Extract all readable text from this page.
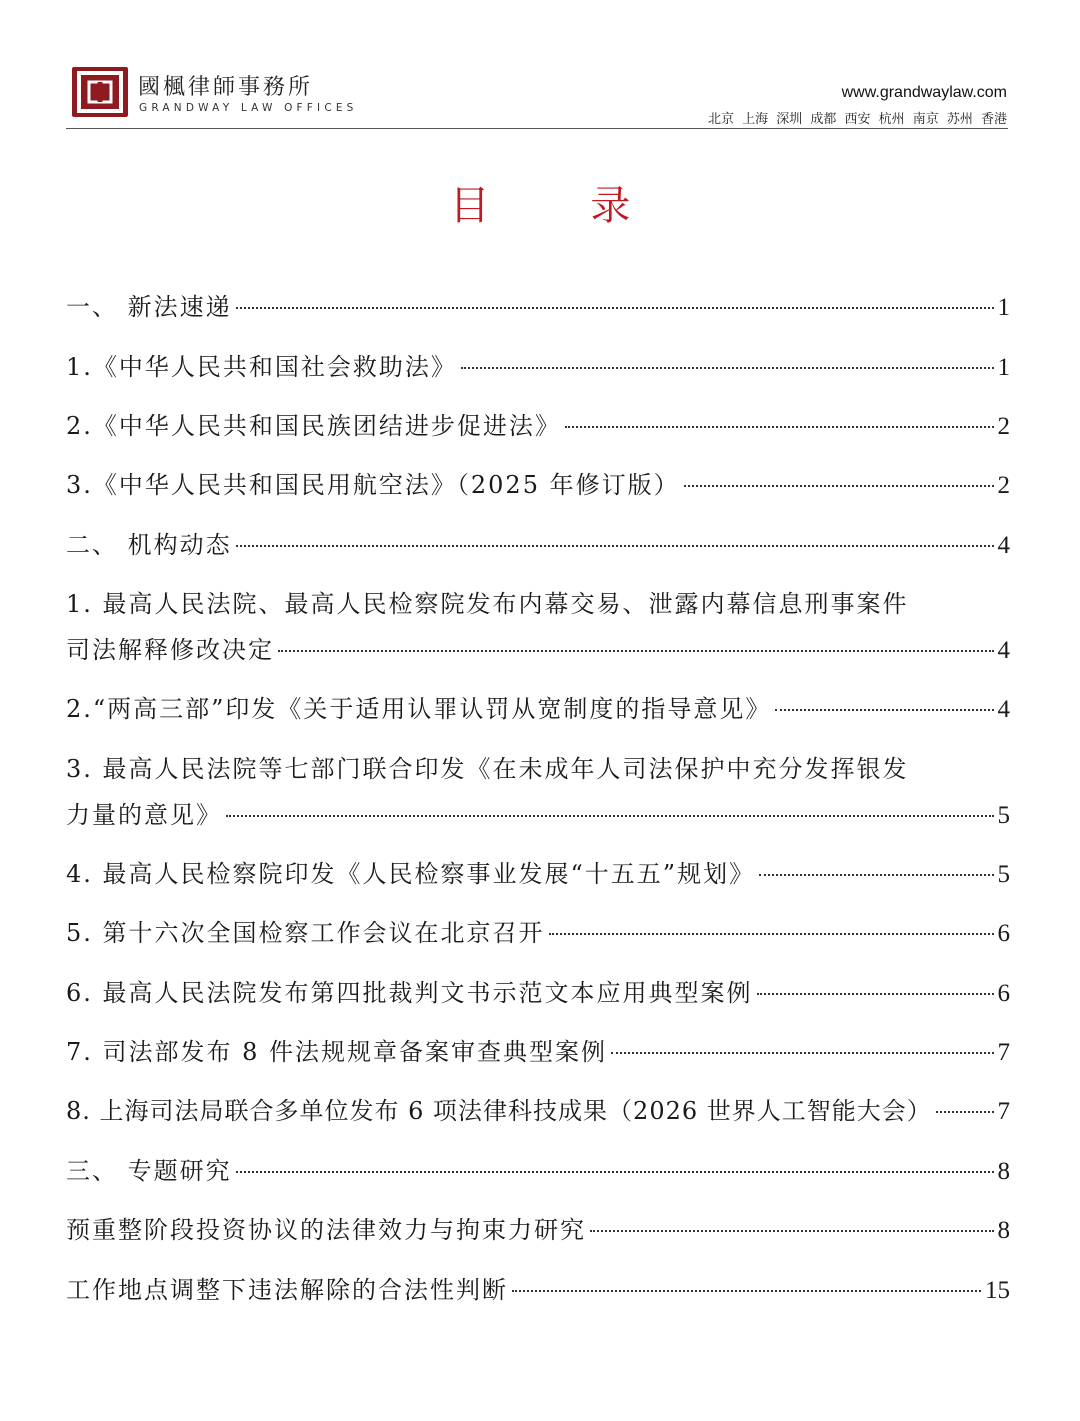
國楓律師事務所
GRANDWAY LAW OFFICES
www.grandwaylaw.com
北京 上海 深圳 成都 西安 杭州 南京 苏州 香港
目 录
一、 新法速递	1
1.《中华人民共和国社会救助法》	1
2.《中华人民共和国民族团结进步促进法》	2
3.《中华人民共和国民用航空法》（2025 年修订版）	2
二、 机构动态	4
1. 最高人民法院、最高人民检察院发布内幕交易、泄露内幕信息刑事案件
司法解释修改决定	4
2.“两高三部”印发《关于适用认罪认罚从宽制度的指导意见》	4
3. 最高人民法院等七部门联合印发《在未成年人司法保护中充分发挥银发
力量的意见》	5
4. 最高人民检察院印发《人民检察事业发展“十五五”规划》	5
5. 第十六次全国检察工作会议在北京召开	6
6. 最高人民法院发布第四批裁判文书示范文本应用典型案例	6
7. 司法部发布 8 件法规规章备案审查典型案例	7
8. 上海司法局联合多单位发布 6 项法律科技成果（2026 世界人工智能大会）	7
三、 专题研究	8
预重整阶段投资协议的法律效力与拘束力研究	8
工作地点调整下违法解除的合法性判断	15
